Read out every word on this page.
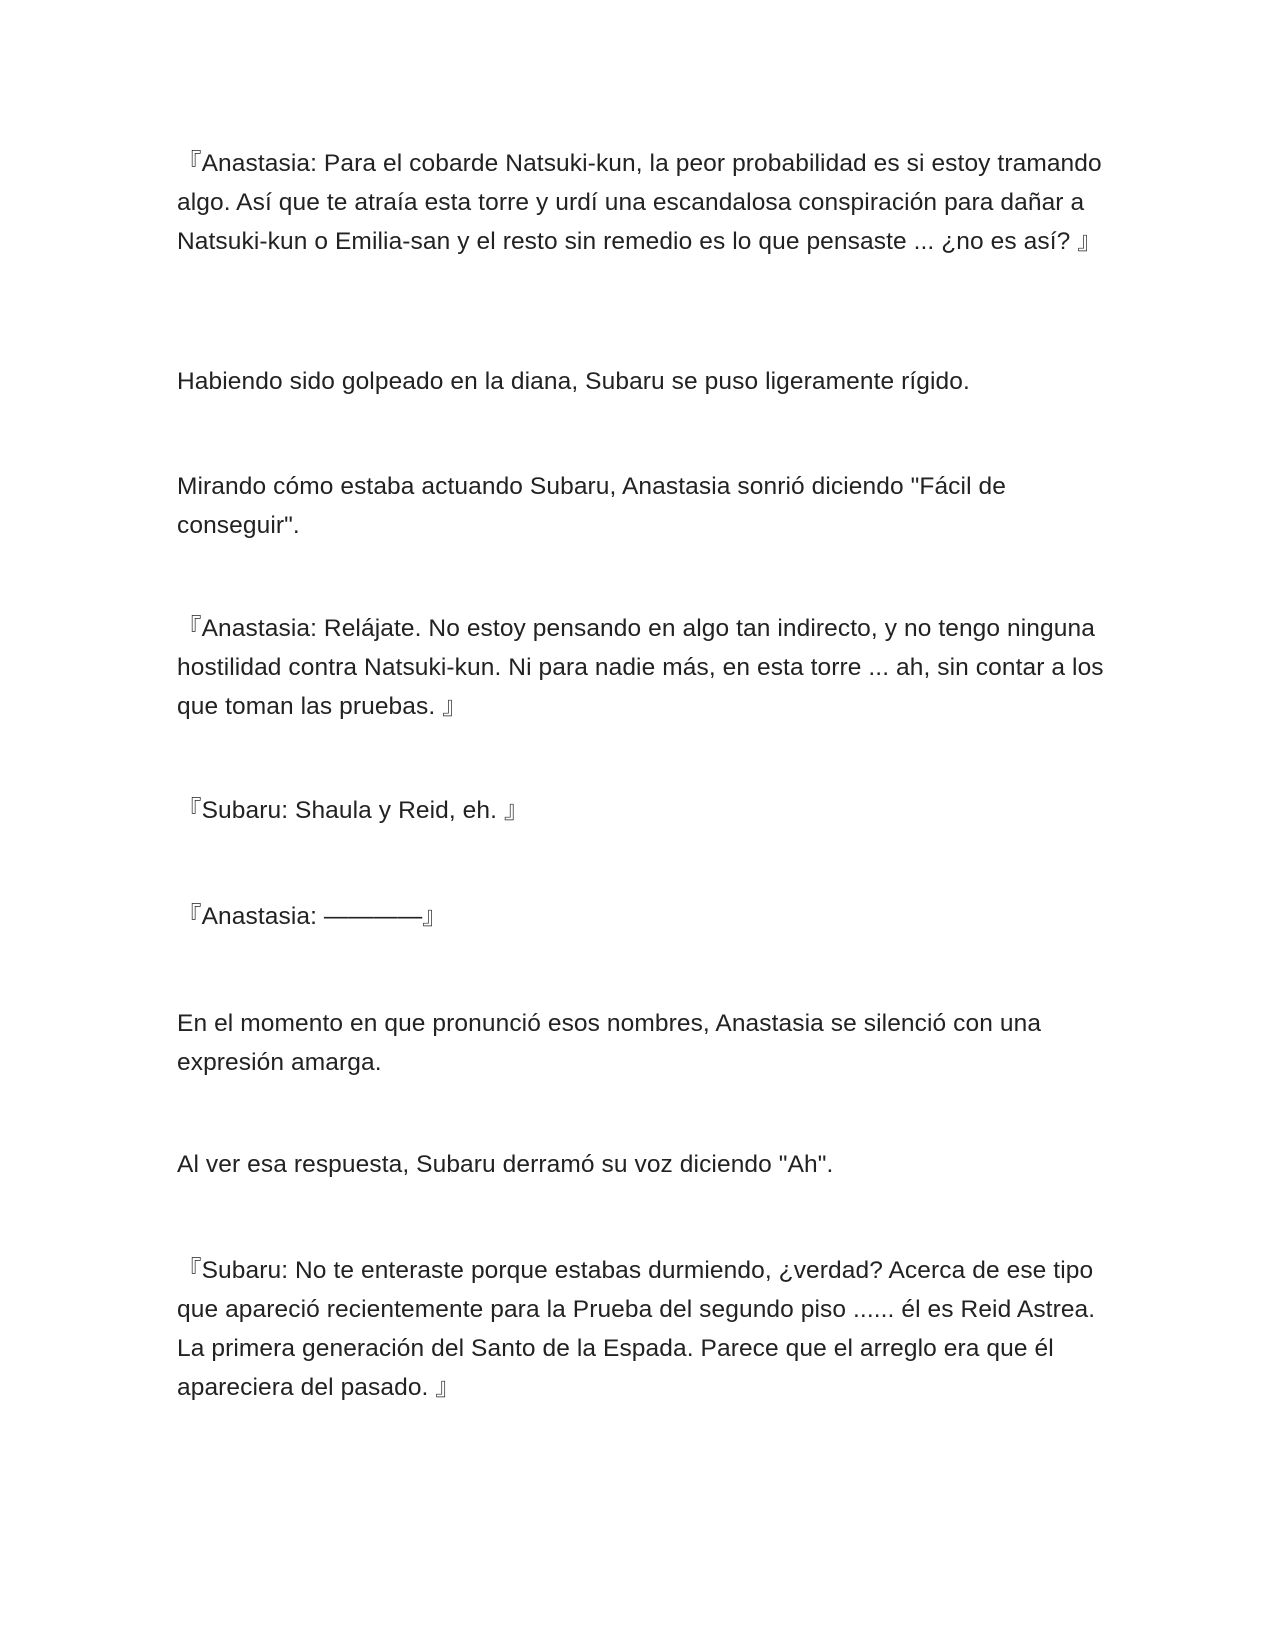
『Anastasia: Para el cobarde Natsuki-kun, la peor probabilidad es si estoy tramando algo. Así que te atraía esta torre y urdí una escandalosa conspiración para dañar a Natsuki-kun o Emilia-san y el resto sin remedio es lo que pensaste ... ¿no es así? 』

Habiendo sido golpeado en la diana, Subaru se puso ligeramente rígido.

Mirando cómo estaba actuando Subaru, Anastasia sonrió diciendo "Fácil de conseguir".

『Anastasia: Relájate. No estoy pensando en algo tan indirecto, y no tengo ninguna hostilidad contra Natsuki-kun. Ni para nadie más, en esta torre ... ah, sin contar a los que toman las pruebas. 』

『Subaru: Shaula y Reid, eh. 』

『Anastasia: ————』

En el momento en que pronunció esos nombres, Anastasia se silenció con una expresión amarga.

Al ver esa respuesta, Subaru derramó su voz diciendo "Ah".

『Subaru: No te enteraste porque estabas durmiendo, ¿verdad? Acerca de ese tipo que apareció recientemente para la Prueba del segundo piso ...... él es Reid Astrea. La primera generación del Santo de la Espada. Parece que el arreglo era que él apareciera del pasado. 』
